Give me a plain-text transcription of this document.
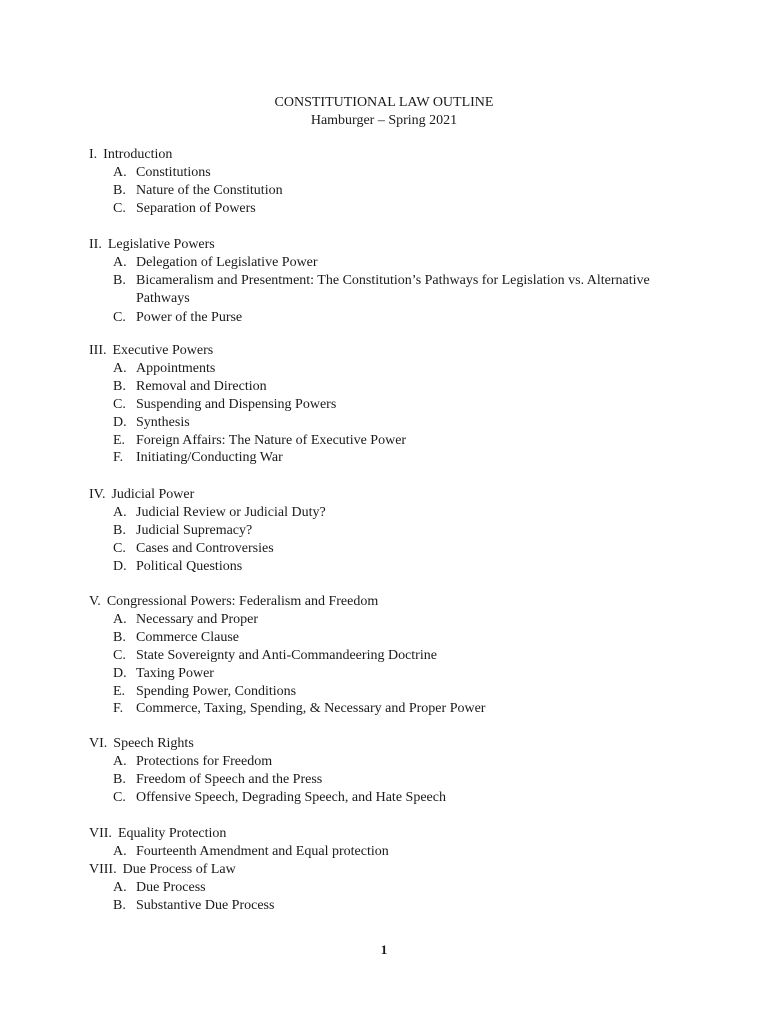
CONSTITUTIONAL LAW OUTLINE
Hamburger – Spring 2021
I. Introduction
A. Constitutions
B. Nature of the Constitution
C. Separation of Powers
II. Legislative Powers
A. Delegation of Legislative Power
B. Bicameralism and Presentment: The Constitution’s Pathways for Legislation vs. Alternative Pathways
C. Power of the Purse
III. Executive Powers
A. Appointments
B. Removal and Direction
C. Suspending and Dispensing Powers
D. Synthesis
E. Foreign Affairs: The Nature of Executive Power
F. Initiating/Conducting War
IV. Judicial Power
A. Judicial Review or Judicial Duty?
B. Judicial Supremacy?
C. Cases and Controversies
D. Political Questions
V. Congressional Powers: Federalism and Freedom
A. Necessary and Proper
B. Commerce Clause
C. State Sovereignty and Anti-Commandeering Doctrine
D. Taxing Power
E. Spending Power, Conditions
F. Commerce, Taxing, Spending, & Necessary and Proper Power
VI. Speech Rights
A. Protections for Freedom
B. Freedom of Speech and the Press
C. Offensive Speech, Degrading Speech, and Hate Speech
VII. Equality Protection
A. Fourteenth Amendment and Equal protection
VIII. Due Process of Law
A. Due Process
B. Substantive Due Process
1
